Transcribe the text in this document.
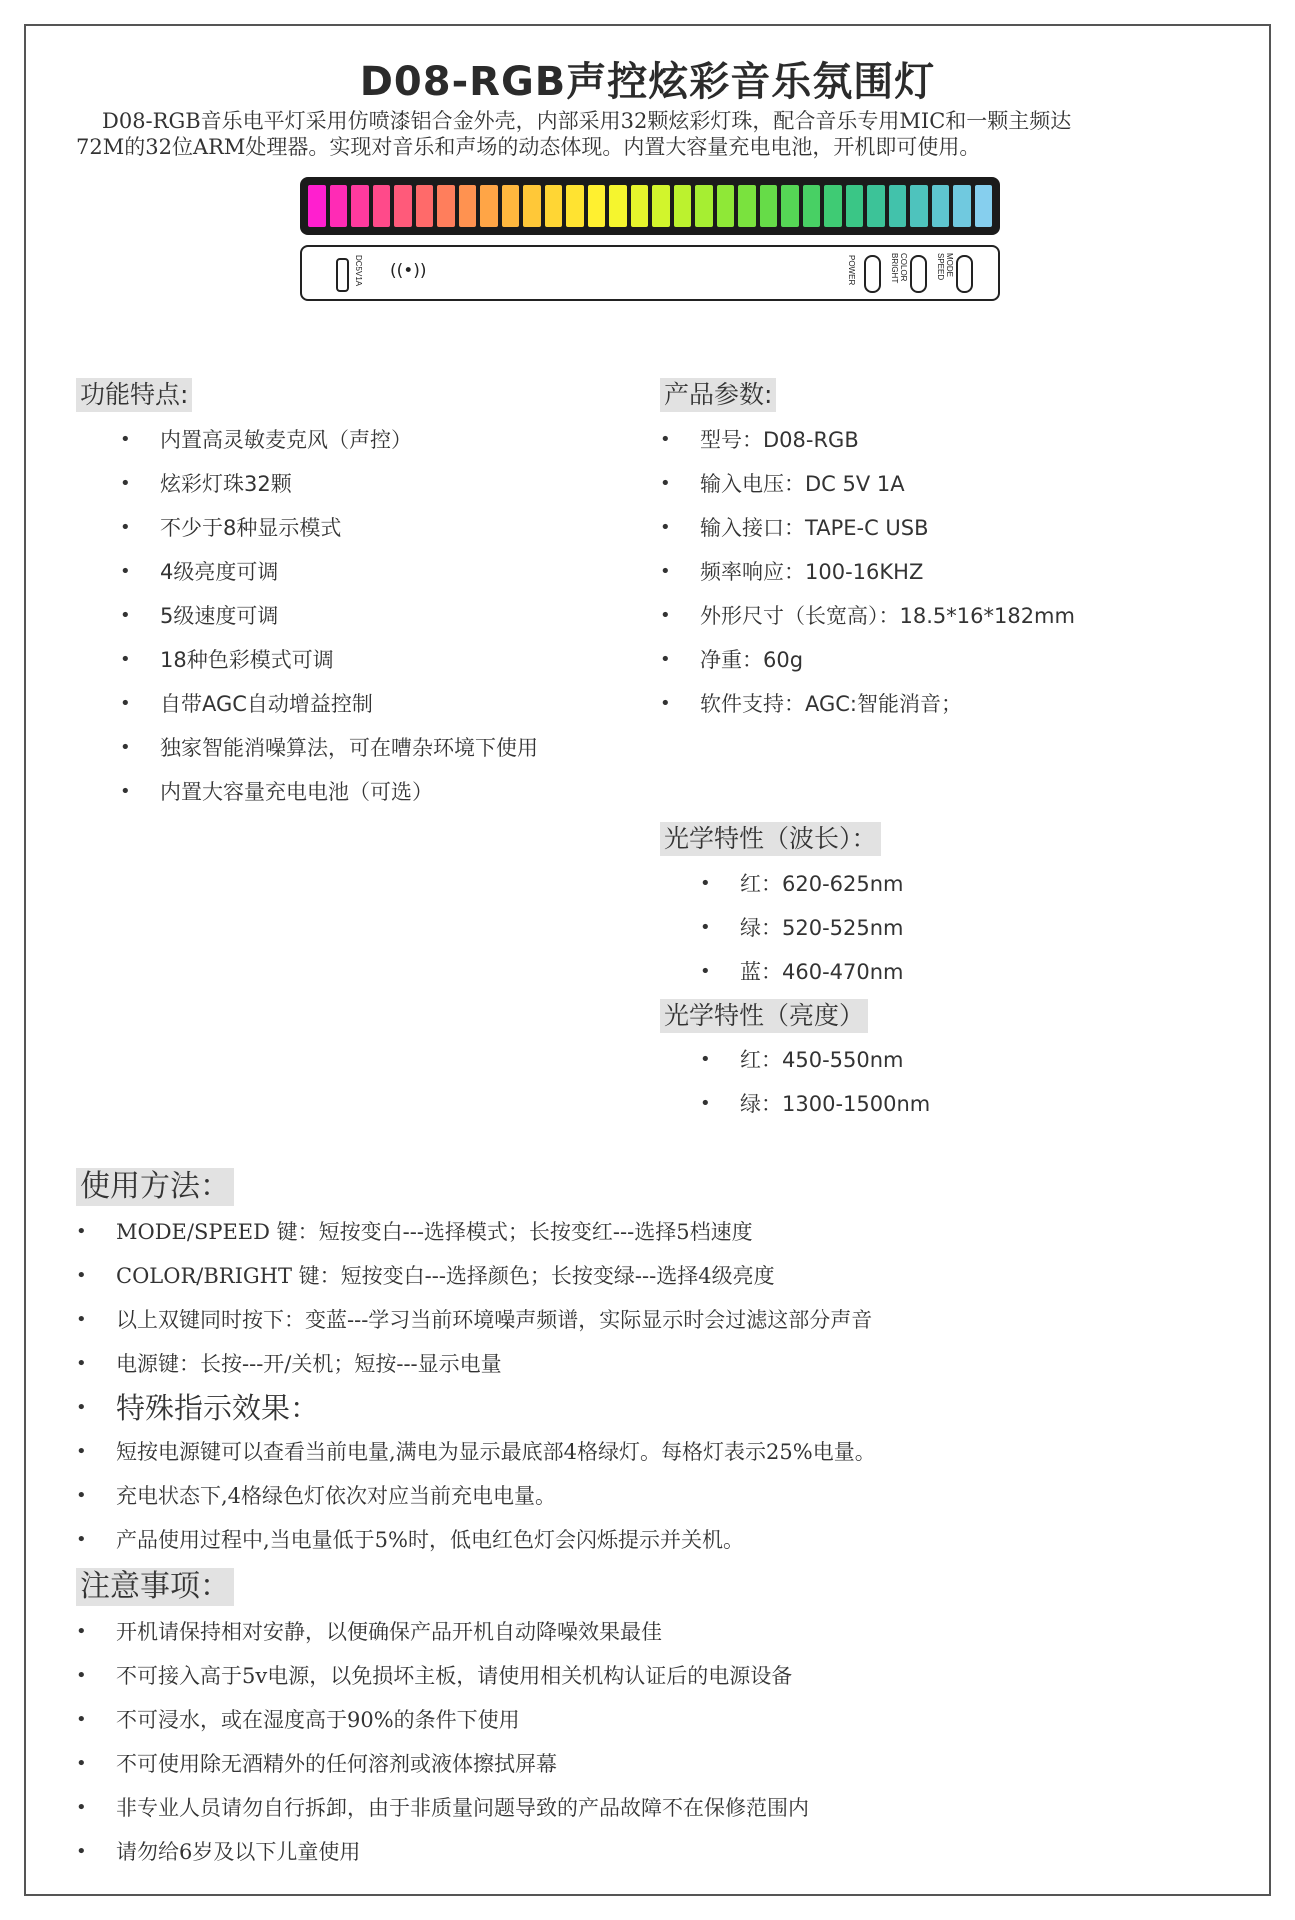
D08-RGB声控炫彩音乐氛围灯

D08-RGB音乐电平灯采用仿喷漆铝合金外壳，内部采用32颗炫彩灯珠，配合音乐专用MIC和一颗主频达

72M的32位ARM处理器。实现对音乐和声场的动态体现。内置大容量充电电池，开机即可使用。

DC5V1A ((•))	POWER	COLOR BRIGHT	MODE SPEED
功能特点:
• 内置高灵敏麦克风（声控）
• 炫彩灯珠32颗
• 不少于8种显示模式
• 4级亮度可调
• 5级速度可调
• 18种色彩模式可调
• 自带AGC自动增益控制
• 独家智能消噪算法，可在嘈杂环境下使用
• 内置大容量充电电池（可选）
产品参数:
• 型号：D08-RGB
• 输入电压：DC 5V 1A
• 输入接口：TAPE-C USB
• 频率响应：100-16KHZ
• 外形尺寸（长宽高）：18.5*16*182mm
• 净重：60g
• 软件支持：AGC:智能消音；
光学特性（波长）：
• 红：620-625nm
• 绿：520-525nm
• 蓝：460-470nm
光学特性（亮度）
• 红：450-550nm
• 绿：1300-1500nm
使用方法：
• MODE/SPEED 键：短按变白---选择模式；长按变红---选择5档速度
• COLOR/BRIGHT 键：短按变白---选择颜色；长按变绿---选择4级亮度
• 以上双键同时按下：变蓝---学习当前环境噪声频谱，实际显示时会过滤这部分声音
• 电源键：长按---开/关机；短按---显示电量
• 特殊指示效果：
• 短按电源键可以查看当前电量,满电为显示最底部4格绿灯。每格灯表示25%电量。
• 充电状态下,4格绿色灯依次对应当前充电电量。
• 产品使用过程中,当电量低于5%时，低电红色灯会闪烁提示并关机。
注意事项：
• 开机请保持相对安静，以便确保产品开机自动降噪效果最佳
• 不可接入高于5v电源，以免损坏主板，请使用相关机构认证后的电源设备
• 不可浸水，或在湿度高于90%的条件下使用
• 不可使用除无酒精外的任何溶剂或液体擦拭屏幕
• 非专业人员请勿自行拆卸，由于非质量问题导致的产品故障不在保修范围内
• 请勿给6岁及以下儿童使用
